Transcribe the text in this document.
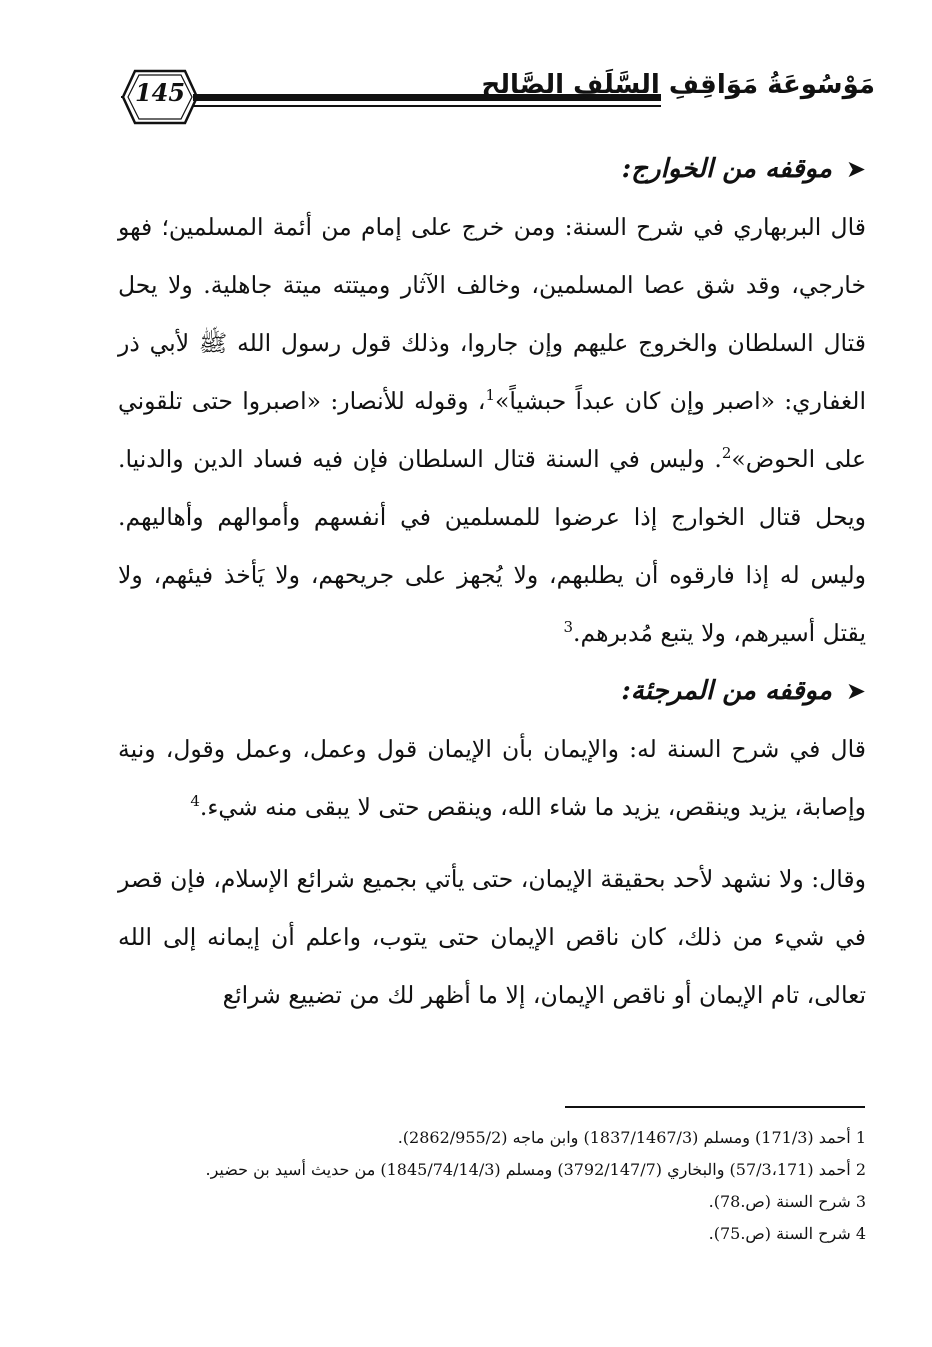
145	مَوْسُوعَةُ مَوَاقِفِ السَّلَفِ الصَّالِح
➤
موقفه من الخوارج:

قال البربهاري في شرح السنة: ومن خرج على إمام من أئمة المسلمين؛ فهو خارجي، وقد شق عصا المسلمين، وخالف الآثار وميتته ميتة جاهلية. ولا يحل قتال السلطان والخروج عليهم وإن جاروا، وذلك قول رسول الله ﷺ لأبي ذر الغفاري: «اصبر وإن كان عبداً حبشياً»$^1$، وقوله للأنصار: «اصبروا حتى تلقوني على الحوض»$^2$. وليس في السنة قتال السلطان فإن فيه فساد الدين والدنيا. ويحل قتال الخوارج إذا عرضوا للمسلمين في أنفسهم وأموالهم وأهاليهم. وليس له إذا فارقوه أن يطلبهم، ولا يُجهز على جريحهم، ولا يَأخذ فيئهم، ولا يقتل أسيرهم، ولا يتبع مُدبرهم.$^3$

➤
موقفه من المرجئة:

قال في شرح السنة له: والإيمان بأن الإيمان قول وعمل، وعمل وقول، ونية وإصابة، يزيد وينقص، يزيد ما شاء الله، وينقص حتى لا يبقى منه شيء.$^4$

وقال: ولا نشهد لأحد بحقيقة الإيمان، حتى يأتي بجميع شرائع الإسلام، فإن قصر في شيء من ذلك، كان ناقص الإيمان حتى يتوب، واعلم أن إيمانه إلى الله تعالى، تام الإيمان أو ناقص الإيمان، إلا ما أظهر لك من تضييع شرائع

1 أحمد (171/3) ومسلم (1837/1467/3) وابن ماجه (2862/955/2).
2 أحمد (57/3،171) والبخاري (3792/147/7) ومسلم (1845/74/14/3) من حديث أسيد بن حضير.
3 شرح السنة (ص.78).
4 شرح السنة (ص.75).
